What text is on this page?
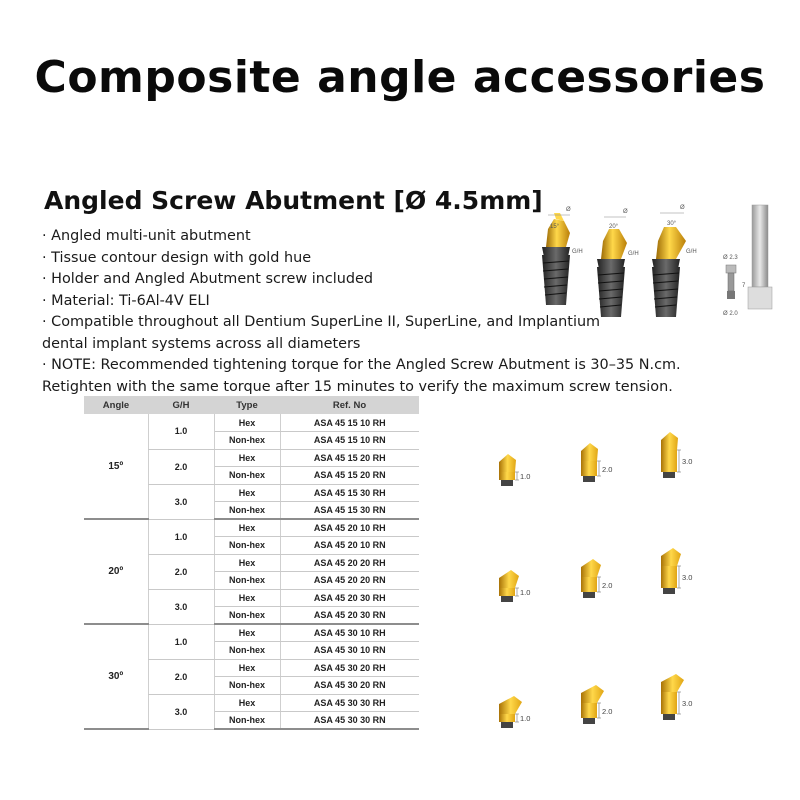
Composite angle accessories
Angled Screw Abutment [Ø 4.5mm]
· Angled multi-unit abutment
· Tissue contour design with gold hue
· Holder and Angled Abutment screw included
· Material: Ti-6Al-4V ELI
· Compatible throughout all Dentium SuperLine II, SuperLine, and Implantium
dental implant systems across all diameters
· NOTE: Recommended tightening torque for the Angled Screw Abutment is 30–35 N.cm.
Retighten with the same torque after 15 minutes to verify the maximum screw tension.
15°	20°	30°
Ø	Ø
Ø
G/H	G/H	G/H
Ø 2.3
Ø 2.0
7
Angle	G/H	Type	Ref. No
15º	1.0	Hex	ASA 45 15 10 RH
		Non-hex	ASA 45 15 10 RN
	2.0	Hex	ASA 45 15 20 RH
		Non-hex	ASA 45 15 20 RN
	3.0	Hex	ASA 45 15 30 RH
		Non-hex	ASA 45 15 30 RN
20º	1.0	Hex	ASA 45 20 10 RH
		Non-hex	ASA 45 20 10 RN
	2.0	Hex	ASA 45 20 20 RH
		Non-hex	ASA 45 20 20 RN
	3.0	Hex	ASA 45 20 30 RH
		Non-hex	ASA 45 20 30 RN
30º	1.0	Hex	ASA 45 30 10 RH
		Non-hex	ASA 45 30 10 RN
	2.0	Hex	ASA 45 30 20 RH
		Non-hex	ASA 45 30 20 RN
	3.0	Hex	ASA 45 30 30 RH
		Non-hex	ASA 45 30 30 RN
1.0
2.0
3.0
1.0
2.0
3.0
1.0
2.0
3.0
